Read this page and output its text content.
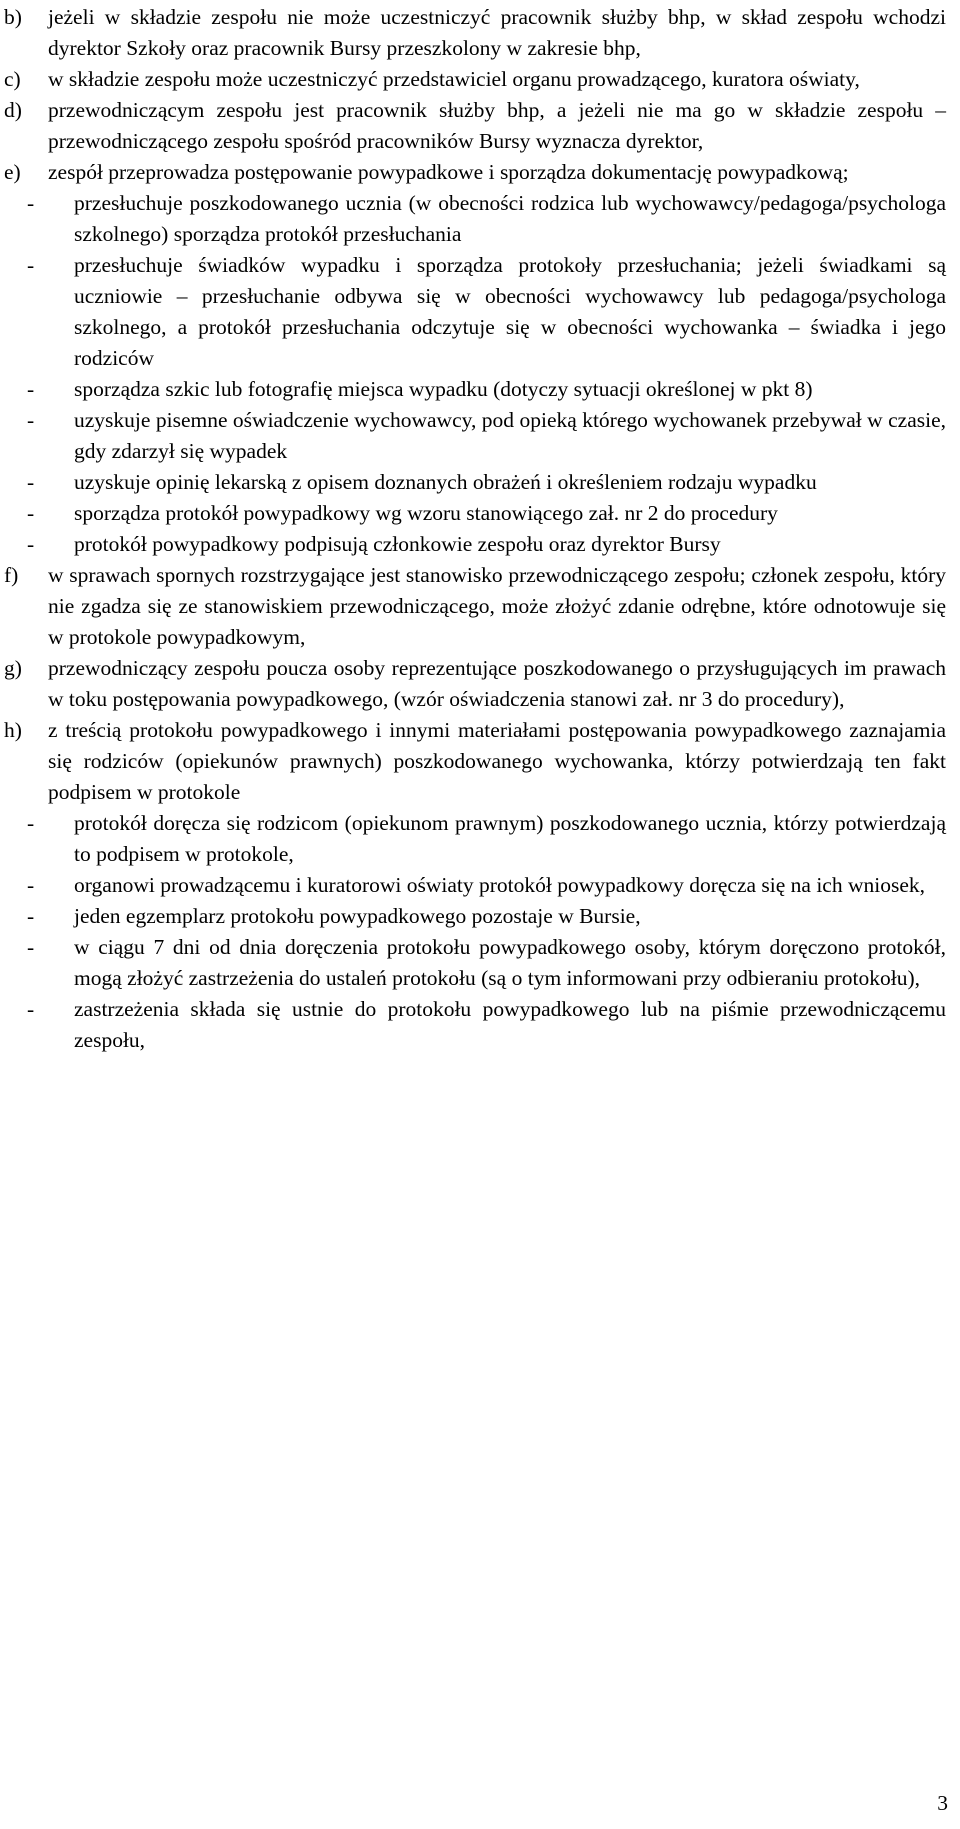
b) jeżeli w składzie zespołu nie może uczestniczyć pracownik służby bhp, w skład zespołu wchodzi dyrektor Szkoły oraz pracownik Bursy przeszkolony w zakresie bhp,
c) w składzie zespołu może uczestniczyć przedstawiciel organu prowadzącego, kuratora oświaty,
d) przewodniczącym zespołu jest pracownik służby bhp, a jeżeli nie ma go w składzie zespołu – przewodniczącego zespołu spośród pracowników Bursy wyznacza dyrektor,
e) zespół przeprowadza postępowanie powypadkowe i sporządza dokumentację powypadkową;
- przesłuchuje poszkodowanego ucznia (w obecności rodzica lub wychowawcy/pedagoga/psychologa szkolnego) sporządza protokół przesłuchania
- przesłuchuje świadków wypadku i sporządza protokoły przesłuchania; jeżeli świadkami są uczniowie – przesłuchanie odbywa się w obecności wychowawcy lub pedagoga/psychologa szkolnego, a protokół przesłuchania odczytuje się w obecności wychowanka – świadka i jego rodziców
- sporządza szkic lub fotografię miejsca wypadku (dotyczy sytuacji określonej w pkt 8)
- uzyskuje pisemne oświadczenie wychowawcy, pod opieką którego wychowanek przebywał w czasie, gdy zdarzył się wypadek
- uzyskuje opinię lekarską z opisem doznanych obrażeń i określeniem rodzaju wypadku
- sporządza protokół powypadkowy wg wzoru stanowiącego zał. nr 2 do procedury
- protokół powypadkowy podpisują członkowie zespołu oraz dyrektor Bursy
f) w sprawach spornych rozstrzygające jest stanowisko przewodniczącego zespołu; członek zespołu, który nie zgadza się ze stanowiskiem przewodniczącego, może złożyć zdanie odrębne, które odnotowuje się w protokole powypadkowym,
g) przewodniczący zespołu poucza osoby reprezentujące poszkodowanego o przysługujących im prawach w toku postępowania powypadkowego, (wzór oświadczenia stanowi zał. nr 3 do procedury),
h) z treścią protokołu powypadkowego i innymi materiałami postępowania powypadkowego zaznajamia się rodziców (opiekunów prawnych) poszkodowanego wychowanka, którzy potwierdzają ten fakt podpisem w protokole
- protokół doręcza się rodzicom (opiekunom prawnym) poszkodowanego ucznia, którzy potwierdzają to podpisem w protokole,
- organowi prowadzącemu i kuratorowi oświaty protokół powypadkowy doręcza się na ich wniosek,
- jeden egzemplarz protokołu powypadkowego pozostaje w Bursie,
- w ciągu 7 dni od dnia doręczenia protokołu powypadkowego osoby, którym doręczono protokół, mogą złożyć zastrzeżenia do ustaleń protokołu (są o tym informowani przy odbieraniu protokołu),
- zastrzeżenia składa się ustnie do protokołu powypadkowego lub na piśmie przewodniczącemu zespołu,
3
